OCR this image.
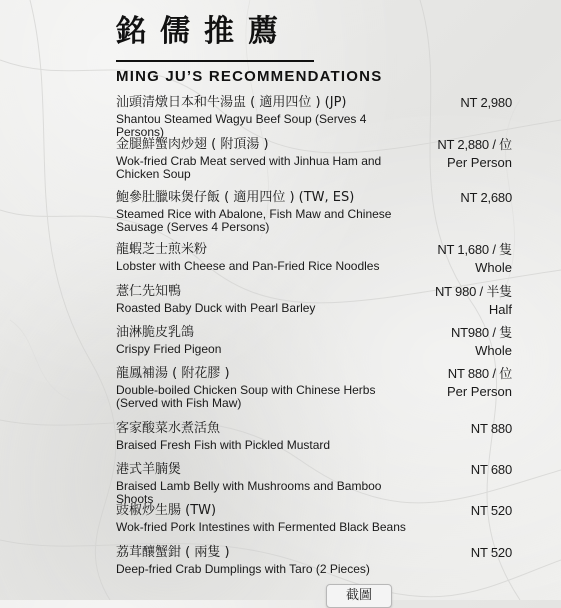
銘儒推薦
MING JU’S RECOMMENDATIONS
汕頭清燉日本和牛湯盅 ( 適用四位 ) (JP)
Shantou Steamed Wagyu Beef Soup (Serves 4 Persons)
NT 2,980
金腿鮮蟹肉炒翅 ( 附頂湯 )
Wok-fried Crab Meat served with Jinhua Ham and Chicken Soup
NT 2,880 / 位
Per Person
鮑參肚臘味煲仔飯 ( 適用四位 ) (TW, ES)
Steamed Rice with Abalone, Fish Maw and Chinese Sausage (Serves 4 Persons)
NT 2,680
龍蝦芝士煎米粉
Lobster with Cheese and Pan-Fried Rice Noodles
NT 1,680 / 隻
Whole
薏仁先知鴨
Roasted Baby Duck with Pearl Barley
NT 980 / 半隻
Half
油淋脆皮乳鴿
Crispy Fried Pigeon
NT980 / 隻
Whole
龍鳳補湯 ( 附花膠 )
Double-boiled Chicken Soup with Chinese Herbs (Served with Fish Maw)
NT 880 / 位
Per Person
客家酸菜水煮活魚
Braised Fresh Fish with Pickled Mustard
NT 880
港式羊腩煲
Braised Lamb Belly with Mushrooms and Bamboo Shoots
NT 680
豉椒炒生腸 (TW)
Wok-fried Pork Intestines with Fermented Black Beans
NT 520
荔茸釀蟹鉗 ( 兩隻 )
Deep-fried Crab Dumplings with Taro (2 Pieces)
NT 520
截圖
